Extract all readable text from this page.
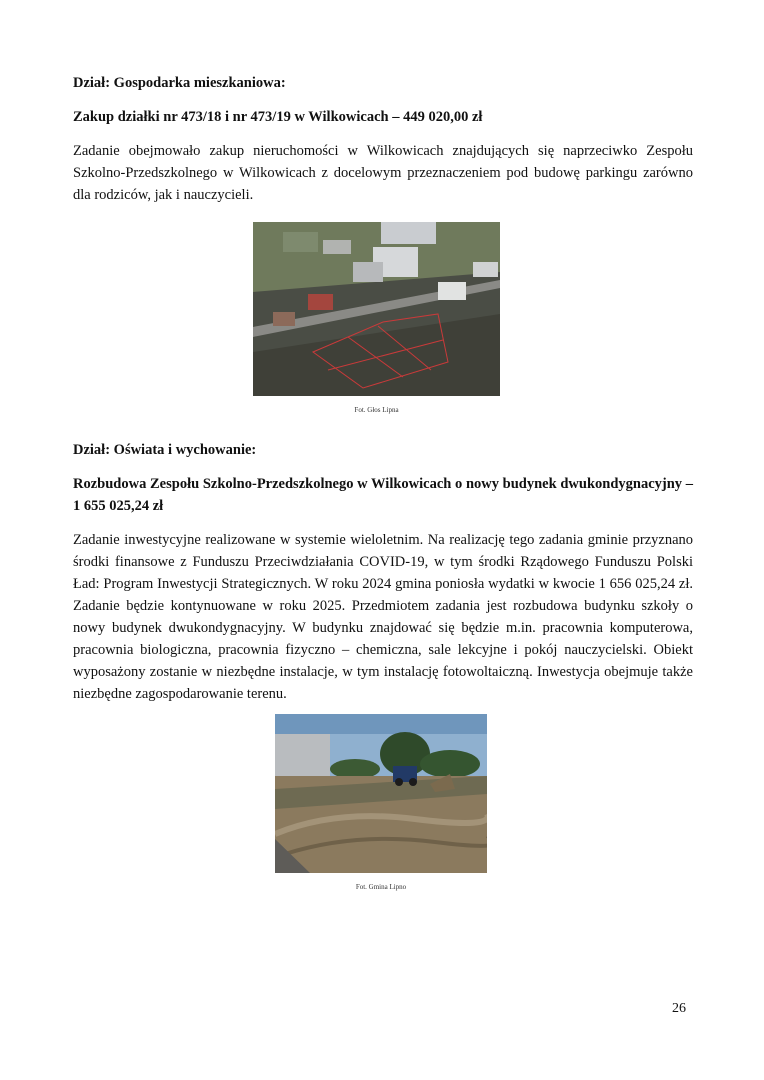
Dział: Gospodarka mieszkaniowa:

Zakup działki nr 473/18 i nr 473/19 w Wilkowicach – 449 020,00 zł

Zadanie obejmowało zakup nieruchomości w Wilkowicach znajdujących się naprzeciwko Zespołu Szkolno-Przedszkolnego w Wilkowicach z docelowym przeznaczeniem pod budowę parkingu zarówno dla rodziców, jak i nauczycieli.

Fot. Głos Lipna

Dział: Oświata i wychowanie:

Rozbudowa Zespołu Szkolno-Przedszkolnego w Wilkowicach o nowy budynek dwukondygnacyjny – 1 655 025,24 zł

Zadanie inwestycyjne realizowane w systemie wieloletnim. Na realizację tego zadania gminie przyznano środki finansowe z Funduszu Przeciwdziałania COVID-19, w tym środki Rządowego Funduszu Polski Ład: Program Inwestycji Strategicznych. W roku 2024 gmina poniosła wydatki w kwocie 1 656 025,24 zł. Zadanie będzie kontynuowane w roku 2025. Przedmiotem zadania jest rozbudowa budynku szkoły o nowy budynek dwukondygnacyjny. W budynku znajdować się będzie m.in. pracownia komputerowa, pracownia biologiczna, pracownia fizyczno – chemiczna, sale lekcyjne i pokój nauczycielski. Obiekt wyposażony zostanie w niezbędne instalacje, w tym instalację fotowoltaiczną. Inwestycja obejmuje także niezbędne zagospodarowanie terenu.

Fot. Gmina Lipno
26
